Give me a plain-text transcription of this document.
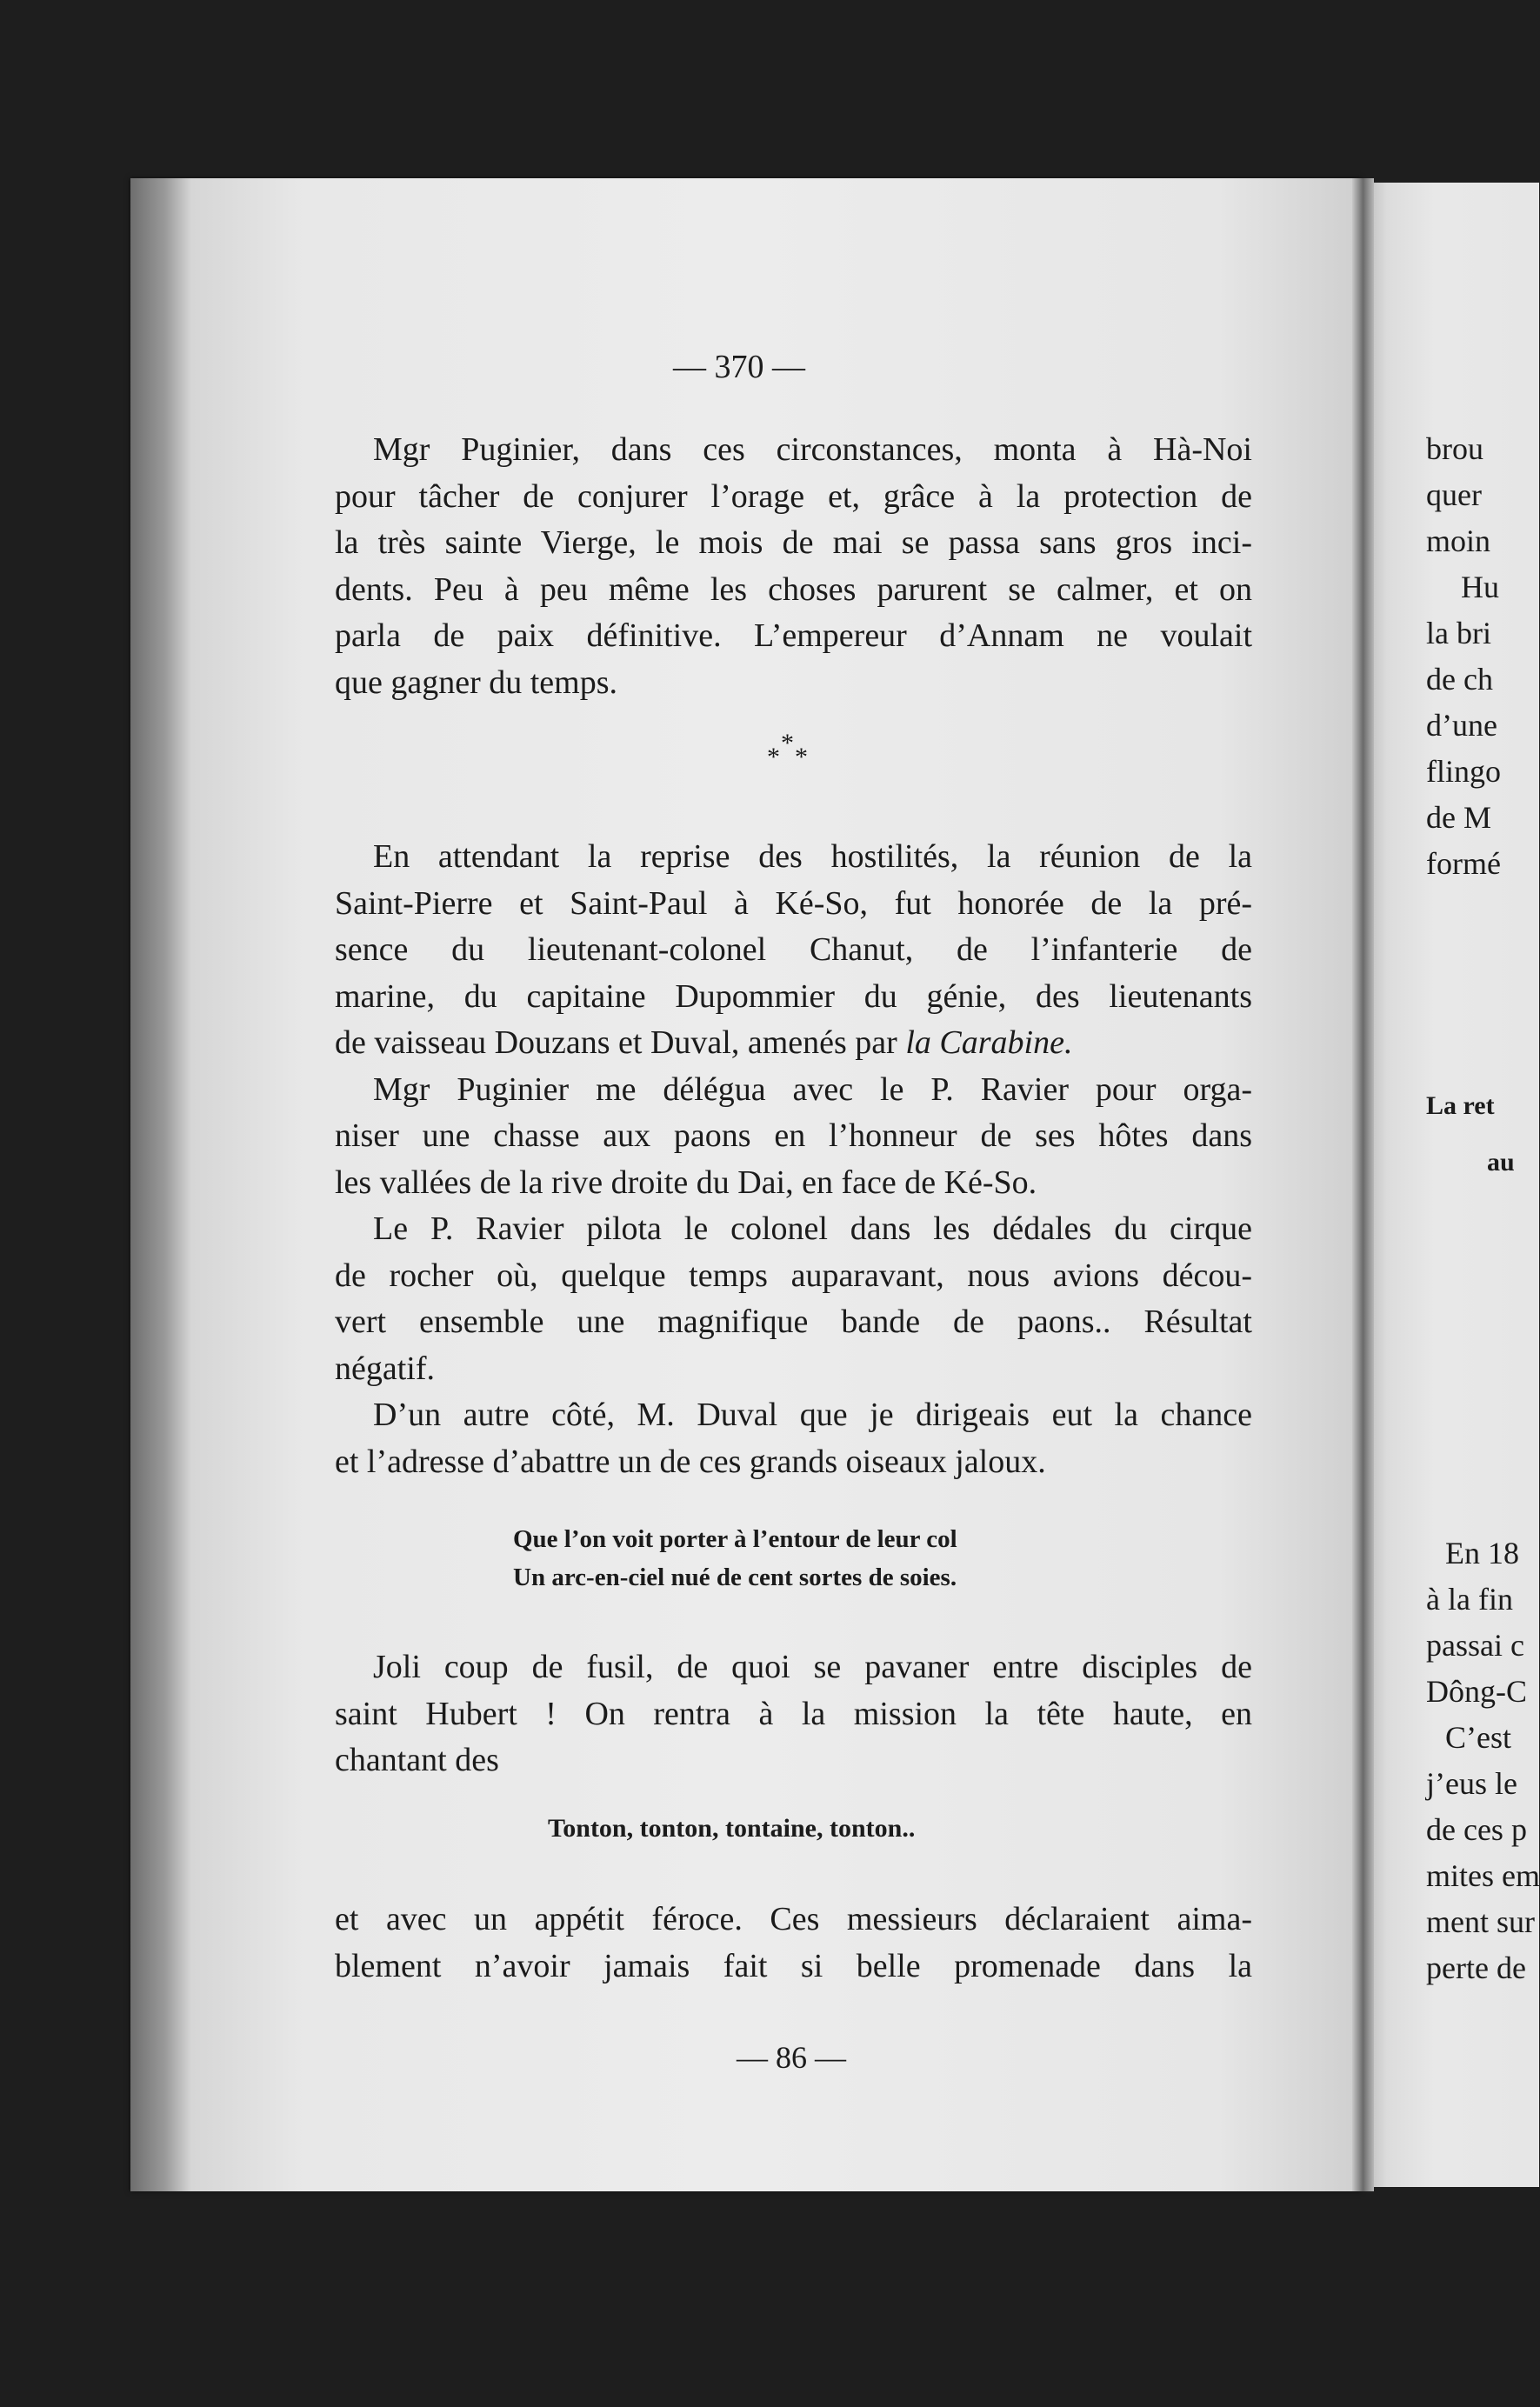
— 370 —
Mgr Puginier, dans ces circonstances, monta à Hà-Noi
pour tâcher de conjurer l’orage et, grâce à la protection de
la très sainte Vierge, le mois de mai se passa sans gros inci-
dents. Peu à peu même les choses parurent se calmer, et on
parla de paix définitive. L’empereur d’Annam ne voulait
que gagner du temps.
*
* *
En attendant la reprise des hostilités, la réunion de la
Saint-Pierre et Saint-Paul à Ké-So, fut honorée de la pré-
sence du lieutenant-colonel Chanut, de l’infanterie de
marine, du capitaine Dupommier du génie, des lieutenants
de vaisseau Douzans et Duval, amenés par la Carabine.
Mgr Puginier me délégua avec le P. Ravier pour orga-
niser une chasse aux paons en l’honneur de ses hôtes dans
les vallées de la rive droite du Dai, en face de Ké-So.
Le P. Ravier pilota le colonel dans les dédales du cirque
de rocher où, quelque temps auparavant, nous avions décou-
vert ensemble une magnifique bande de paons.. Résultat
négatif.
D’un autre côté, M. Duval que je dirigeais eut la chance
et l’adresse d’abattre un de ces grands oiseaux jaloux.
Que l’on voit porter à l’entour de leur col
Un arc-en-ciel nué de cent sortes de soies.
Joli coup de fusil, de quoi se pavaner entre disciples de
saint Hubert ! On rentra à la mission la tête haute, en
chantant des
Tonton, tonton, tontaine, tonton..
et avec un appétit féroce. Ces messieurs déclaraient aima-
blement n’avoir jamais fait si belle promenade dans la
— 86 —
brou
quer
moin
Hu
la bri
de ch
d’une
flingo
de M
formé
La ret
au
En 18
à la fin
passai c
Dông-C
C’est
j’eus le
de ces p
mites em
ment sur
perte de
